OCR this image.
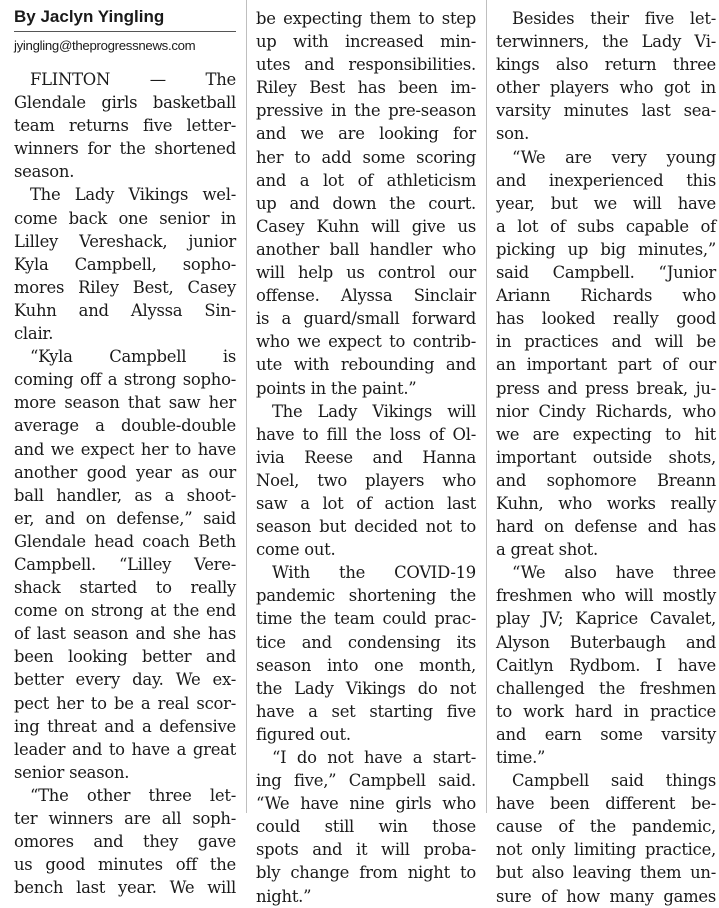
By Jaclyn Yingling
jyingling@theprogressnews.com
FLINTON — The
Glendale girls basketball
team returns five letter-
winners for the shortened
season.
The Lady Vikings wel-
come back one senior in
Lilley Vereshack, junior
Kyla Campbell, sopho-
mores Riley Best, Casey
Kuhn and Alyssa Sin-
clair.
“Kyla Campbell is
coming off a strong sopho-
more season that saw her
average a double-double
and we expect her to have
another good year as our
ball handler, as a shoot-
er, and on defense,” said
Glendale head coach Beth
Campbell. “Lilley Vere-
shack started to really
come on strong at the end
of last season and she has
been looking better and
better every day. We ex-
pect her to be a real scor-
ing threat and a defensive
leader and to have a great
senior season.
“The other three let-
ter winners are all soph-
omores and they gave
us good minutes off the
bench last year. We will
be expecting them to step
up with increased min-
utes and responsibilities.
Riley Best has been im-
pressive in the pre-season
and we are looking for
her to add some scoring
and a lot of athleticism
up and down the court.
Casey Kuhn will give us
another ball handler who
will help us control our
offense. Alyssa Sinclair
is a guard/small forward
who we expect to contrib-
ute with rebounding and
points in the paint.”
The Lady Vikings will
have to fill the loss of Ol-
ivia Reese and Hanna
Noel, two players who
saw a lot of action last
season but decided not to
come out.
With the COVID-19
pandemic shortening the
time the team could prac-
tice and condensing its
season into one month,
the Lady Vikings do not
have a set starting five
figured out.
“I do not have a start-
ing five,” Campbell said.
“We have nine girls who
could still win those
spots and it will proba-
bly change from night to
night.”
Besides their five let-
terwinners, the Lady Vi-
kings also return three
other players who got in
varsity minutes last sea-
son.
“We are very young
and inexperienced this
year, but we will have
a lot of subs capable of
picking up big minutes,”
said Campbell. “Junior
Ariann Richards who
has looked really good
in practices and will be
an important part of our
press and press break, ju-
nior Cindy Richards, who
we are expecting to hit
important outside shots,
and sophomore Breann
Kuhn, who works really
hard on defense and has
a great shot.
“We also have three
freshmen who will mostly
play JV; Kaprice Cavalet,
Alyson Buterbaugh and
Caitlyn Rydbom. I have
challenged the freshmen
to work hard in practice
and earn some varsity
time.”
Campbell said things
have been different be-
cause of the pandemic,
not only limiting practice,
but also leaving them un-
sure of how many games
